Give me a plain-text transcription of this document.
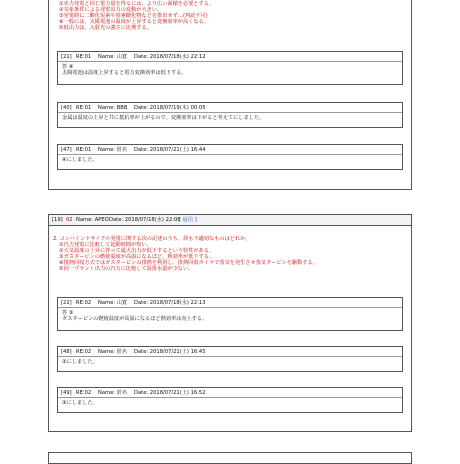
①火力発電と同じ電力量を得るには、より広い面積を必要とする。
②気象条件による発電出力の変動が大きい。
③発電時に二酸化炭素や窒素酸化物などを排出せず…(判読不可)
④一般には、太陽電池の温度が上昇すると変換効率が高くなる。
⑤低出力は、入射光の強さに比例する。
[21] RE:01 Name: 山寛 Date: 2018/07/18(水) 22:12
答 ④
太陽電池は温度上昇すると電力変換効率は低下する。
[40] RE:01 Name: BBB Date: 2018/07/19(木) 00:05
金属は温度の上昇と共に抵抗率が上がるので、変換効率は下がると考えてにしました。
[47] RE:01 Name: 匿名 Date: 2018/07/21(土) 16:44
④にしました。
[19] 02 Name: APEO Date: 2018/07/18(水) 22:08
[ 返信 ]
2. コンバインドサイクル発電に関する次の記述のうち、誤も不適切なものはどれか。
①汽力発電に比較して起動時間が短い。
②大気温度の上昇に伴って最大出力が低下するという特性がある。
③ガスタービンの燃焼温度が高温になるほど、熱効率が低下する。
④排熱回収方式ではガスタービンの排熱を利用し、排熱回収ボイラで蒸気を発生させ蒸気タービンを駆動する。
⑤同一プラント出力の汽力に比較して温排水量が少ない。
[22] RE:02 Name: 山寛 Date: 2018/07/18(水) 22:13
答 ③
ガスタービンの燃焼温度が高温になるほど熱効率は向上する。
[48] RE:02 Name: 匿名 Date: 2018/07/21(土) 16:45
③にしました。
[49] RE:02 Name: 匿名 Date: 2018/07/21(土) 16:52
③にしました。
